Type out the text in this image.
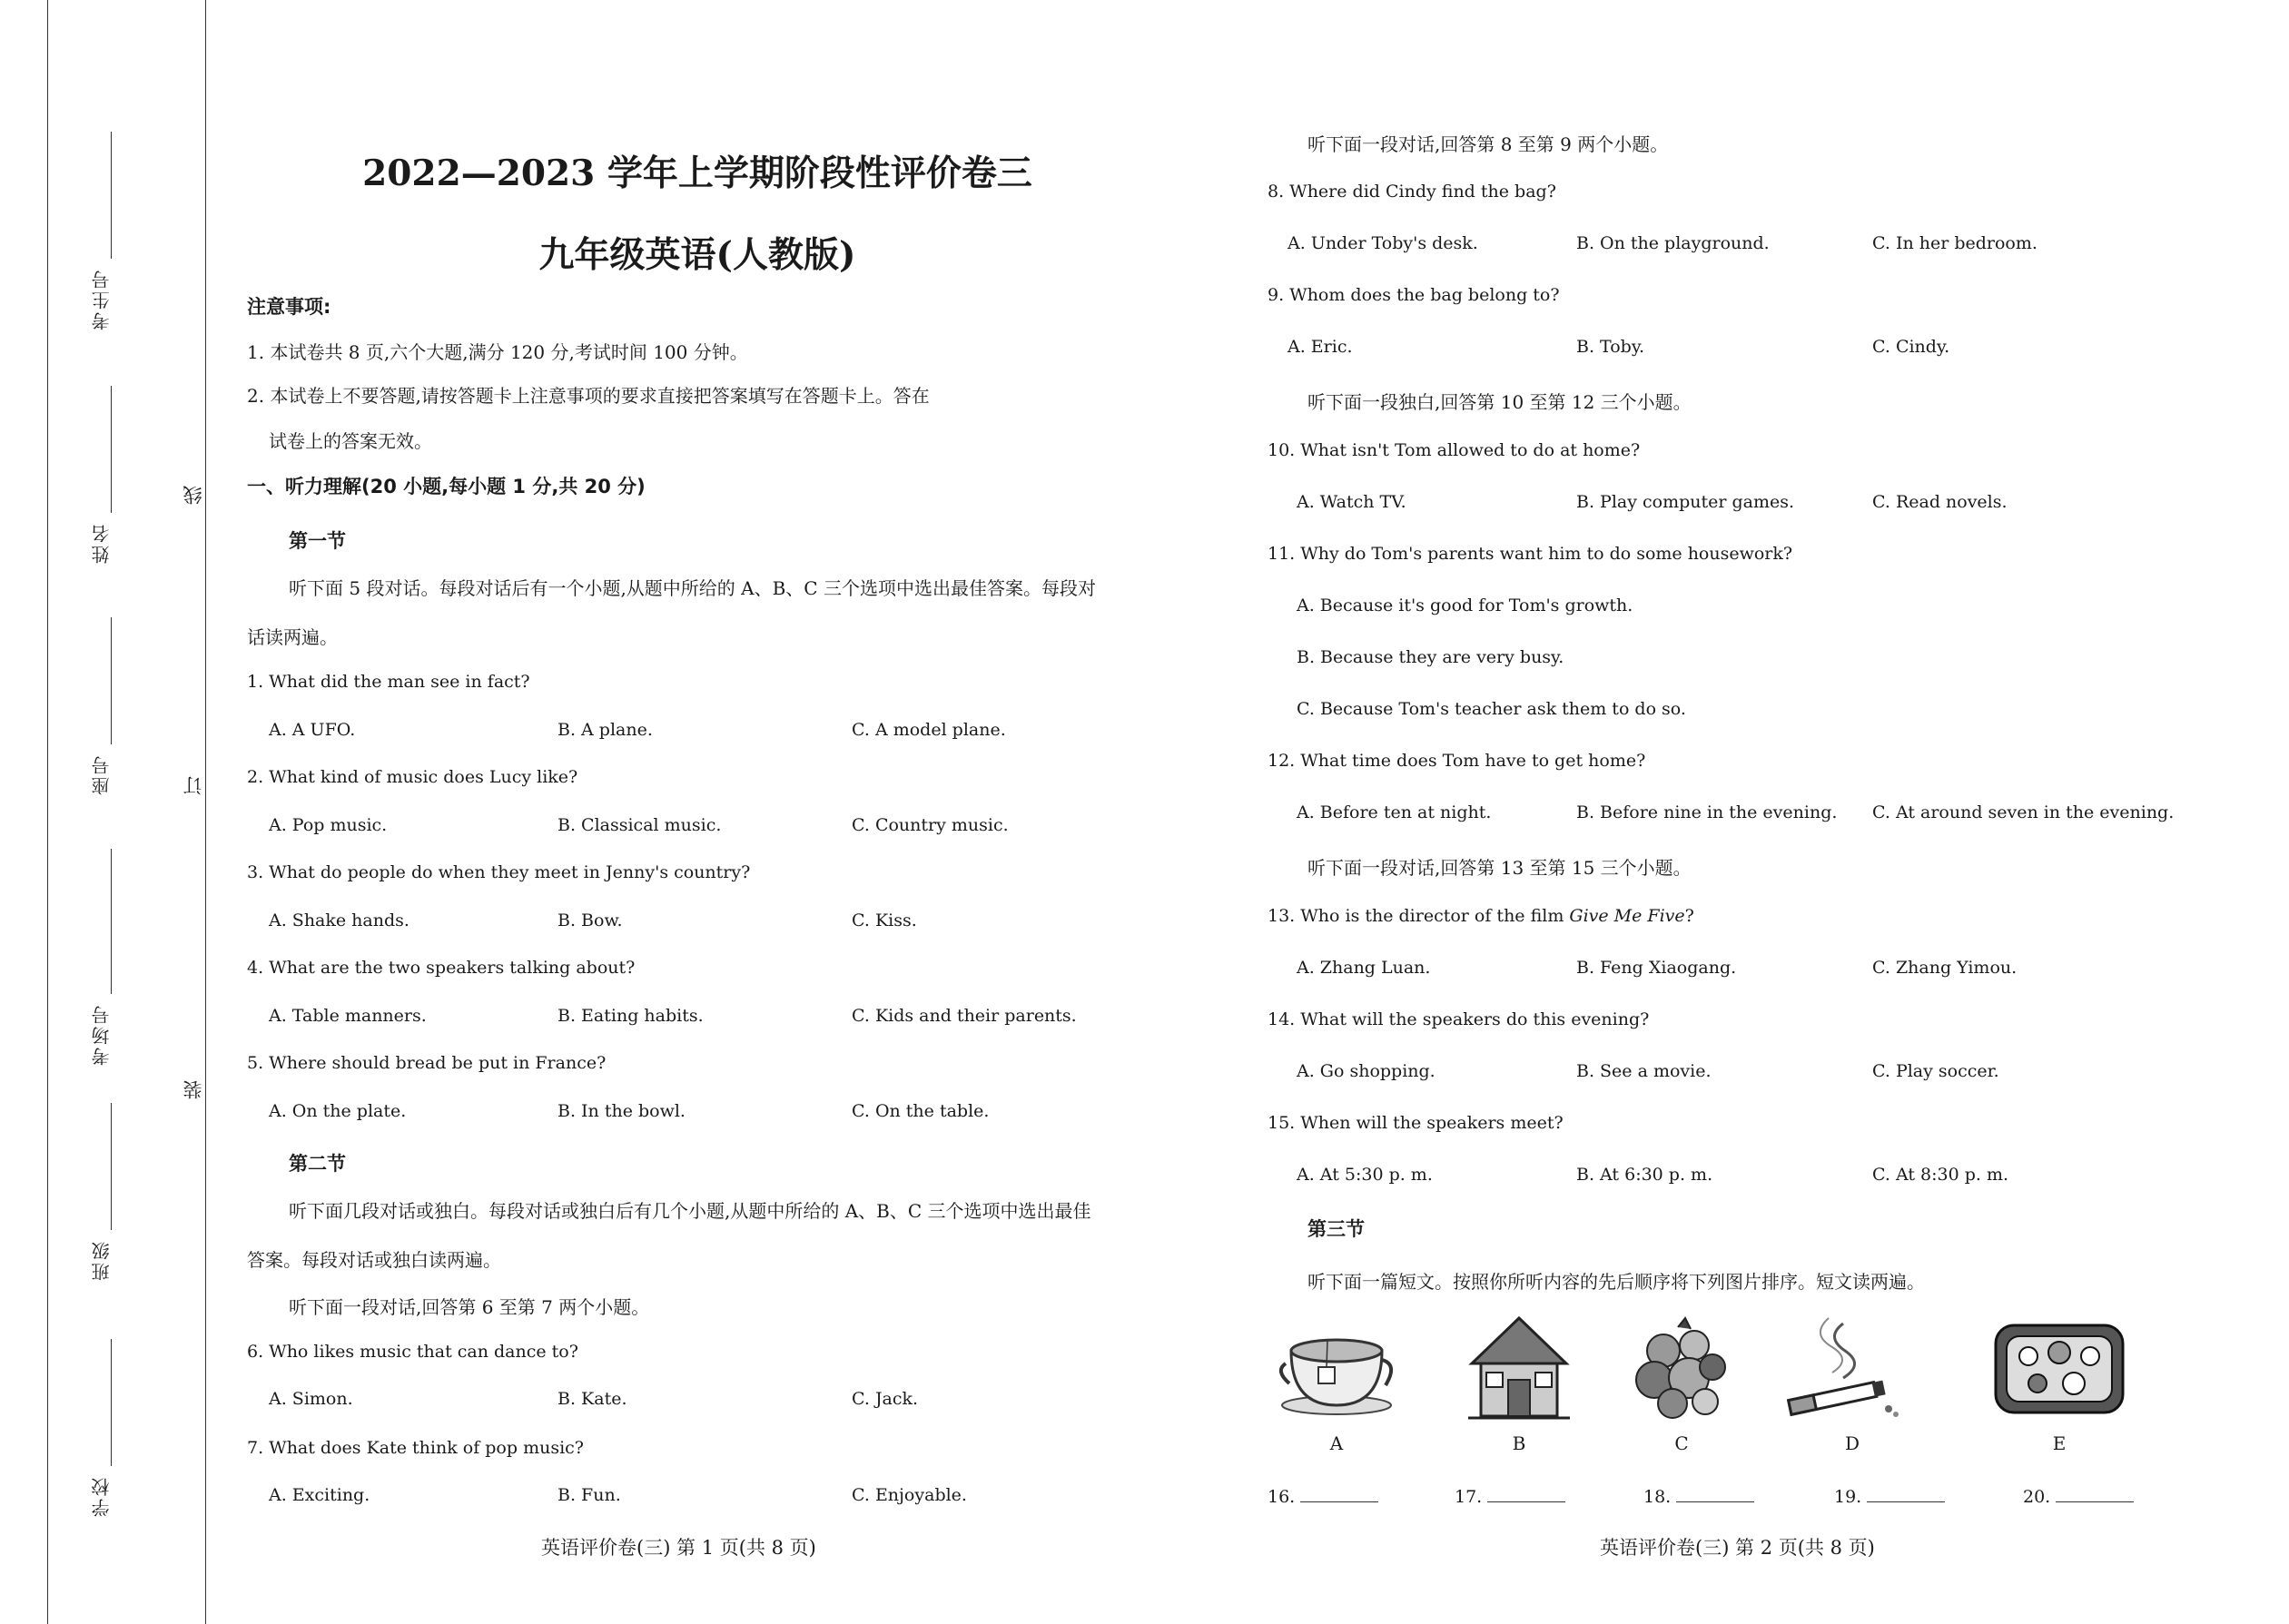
考生号
姓名
座号
考场号
班级
学校
线
订
装
2022—2023 学年上学期阶段性评价卷三
九年级英语(人教版)
注意事项:
1. 本试卷共 8 页,六个大题,满分 120 分,考试时间 100 分钟。
2. 本试卷上不要答题,请按答题卡上注意事项的要求直接把答案填写在答题卡上。答在
试卷上的答案无效。
一、听力理解(20 小题,每小题 1 分,共 20 分)
第一节
听下面 5 段对话。每段对话后有一个小题,从题中所给的 A、B、C 三个选项中选出最佳答案。每段对
话读两遍。
1. What did the man see in fact?
A. A UFO.	B. A plane.	C. A model plane.
2. What kind of music does Lucy like?
A. Pop music.	B. Classical music.	C. Country music.
3. What do people do when they meet in Jenny's country?
A. Shake hands.	B. Bow.	C. Kiss.
4. What are the two speakers talking about?
A. Table manners.	B. Eating habits.	C. Kids and their parents.
5. Where should bread be put in France?
A. On the plate.	B. In the bowl.	C. On the table.
第二节
听下面几段对话或独白。每段对话或独白后有几个小题,从题中所给的 A、B、C 三个选项中选出最佳
答案。每段对话或独白读两遍。
听下面一段对话,回答第 6 至第 7 两个小题。
6. Who likes music that can dance to?
A. Simon.	B. Kate.	C. Jack.
7. What does Kate think of pop music?
A. Exciting.	B. Fun.	C. Enjoyable.
英语评价卷(三) 第 1 页(共 8 页)
听下面一段对话,回答第 8 至第 9 两个小题。
8. Where did Cindy find the bag?
A. Under Toby's desk.	B. On the playground.	C. In her bedroom.
9. Whom does the bag belong to?
A. Eric.	B. Toby.	C. Cindy.
听下面一段独白,回答第 10 至第 12 三个小题。
10. What isn't Tom allowed to do at home?
A. Watch TV.	B. Play computer games.	C. Read novels.
11. Why do Tom's parents want him to do some housework?
A. Because it's good for Tom's growth.
B. Because they are very busy.
C. Because Tom's teacher ask them to do so.
12. What time does Tom have to get home?
A. Before ten at night.	B. Before nine in the evening. C. At around seven in the evening.
听下面一段对话,回答第 13 至第 15 三个小题。
13. Who is the director of the film Give Me Five?
A. Zhang Luan.	B. Feng Xiaogang.	C. Zhang Yimou.
14. What will the speakers do this evening?
A. Go shopping.	B. See a movie.	C. Play soccer.
15. When will the speakers meet?
A. At 5:30 p. m.	B. At 6:30 p. m.	C. At 8:30 p. m.
第三节
听下面一篇短文。按照你所听内容的先后顺序将下列图片排序。短文读两遍。
A	B	C	D	E
16.	17.	18.	19.	20.
英语评价卷(三) 第 2 页(共 8 页)
